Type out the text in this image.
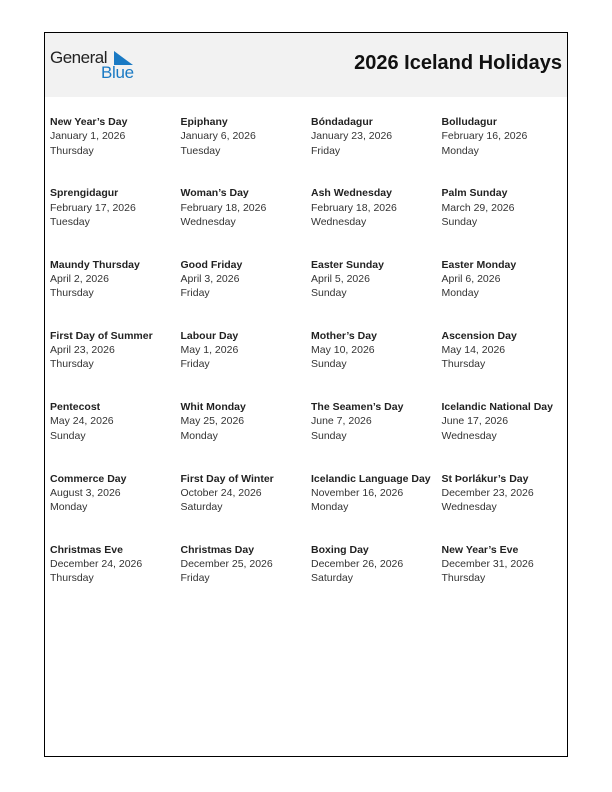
General
Blue	2026 Iceland Holidays
New Year’s Day
January 1, 2026
Thursday
Epiphany
January 6, 2026
Tuesday
Bóndadagur
January 23, 2026
Friday
Bolludagur
February 16, 2026
Monday
Sprengidagur
February 17, 2026
Tuesday
Woman’s Day
February 18, 2026
Wednesday
Ash Wednesday
February 18, 2026
Wednesday
Palm Sunday
March 29, 2026
Sunday
Maundy Thursday
April 2, 2026
Thursday
Good Friday
April 3, 2026
Friday
Easter Sunday
April 5, 2026
Sunday
Easter Monday
April 6, 2026
Monday
First Day of Summer
April 23, 2026
Thursday
Labour Day
May 1, 2026
Friday
Mother’s Day
May 10, 2026
Sunday
Ascension Day
May 14, 2026
Thursday
Pentecost
May 24, 2026
Sunday
Whit Monday
May 25, 2026
Monday
The Seamen’s Day
June 7, 2026
Sunday
Icelandic National Day
June 17, 2026
Wednesday
Commerce Day
August 3, 2026
Monday
First Day of Winter
October 24, 2026
Saturday
Icelandic Language Day
November 16, 2026
Monday
St Þorlákur’s Day
December 23, 2026
Wednesday
Christmas Eve
December 24, 2026
Thursday
Christmas Day
December 25, 2026
Friday
Boxing Day
December 26, 2026
Saturday
New Year’s Eve
December 31, 2026
Thursday
